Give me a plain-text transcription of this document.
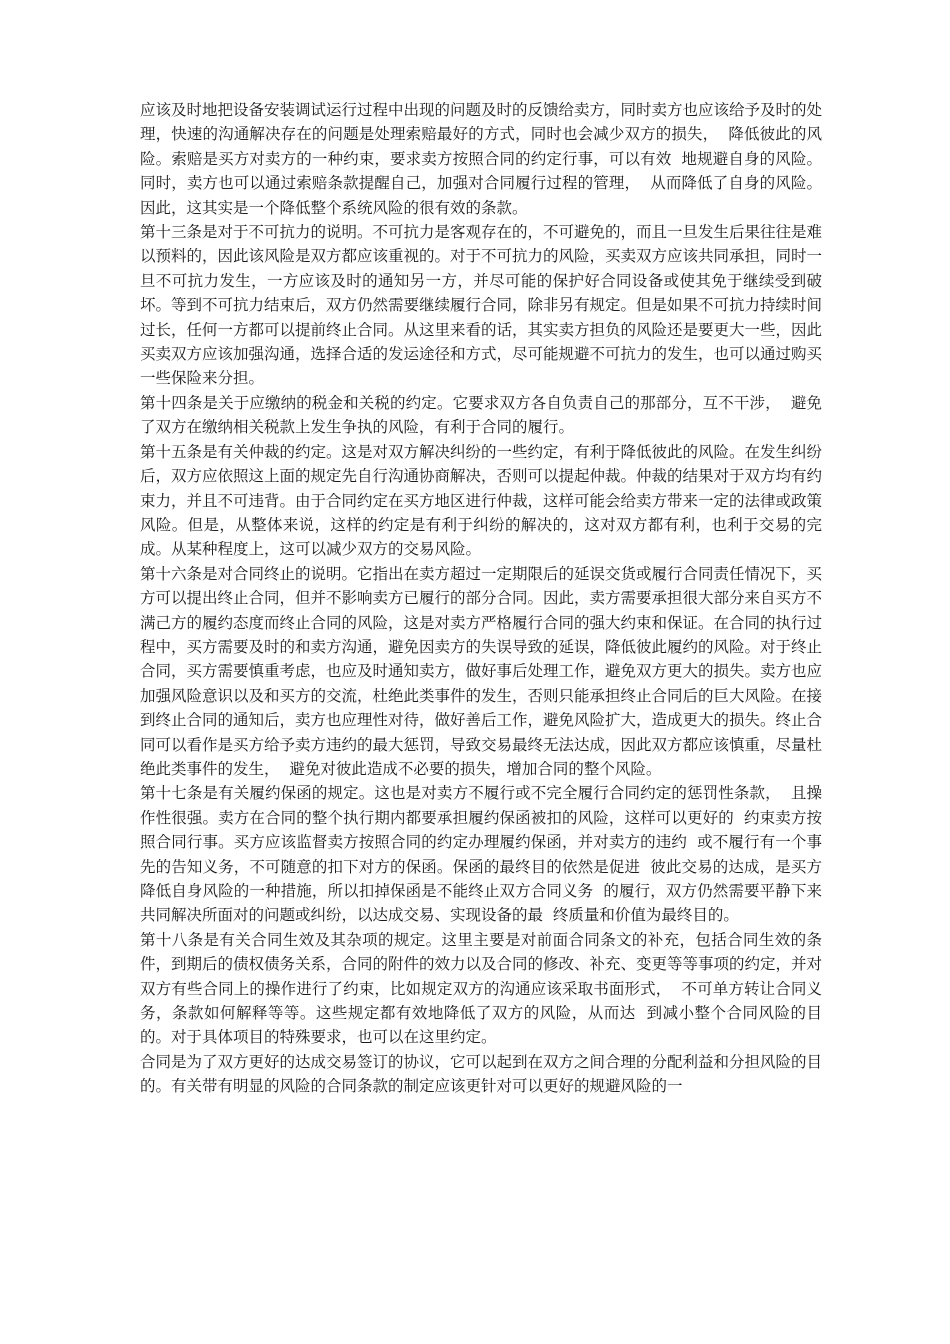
应该及时地把设备安装调试运行过程中出现的问题及时的反馈给卖方，同时卖方也应该给予及时的处理，快速的沟通解决存在的问题是处理索赔最好的方式，同时也会减少双方的损失，  降低彼此的风险。索赔是买方对卖方的一种约束，要求卖方按照合同的约定行事，可以有效  地规避自身的风险。同时，卖方也可以通过索赔条款提醒自己，加强对合同履行过程的管理，  从而降低了自身的风险。因此，这其实是一个降低整个系统风险的很有效的条款。

第十三条是对于不可抗力的说明。不可抗力是客观存在的，不可避免的，而且一旦发生后果往往是难以预料的，因此该风险是双方都应该重视的。对于不可抗力的风险，买卖双方应该共同承担，同时一旦不可抗力发生，一方应该及时的通知另一方，并尽可能的保护好合同设备或使其免于继续受到破坏。等到不可抗力结束后，双方仍然需要继续履行合同，除非另有规定。但是如果不可抗力持续时间过长，任何一方都可以提前终止合同。从这里来看的话，其实卖方担负的风险还是要更大一些，因此买卖双方应该加强沟通，选择合适的发运途径和方式，尽可能规避不可抗力的发生，也可以通过购买一些保险来分担。

第十四条是关于应缴纳的税金和关税的约定。它要求双方各自负责自己的那部分，互不干涉，  避免了双方在缴纳相关税款上发生争执的风险，有利于合同的履行。

第十五条是有关仲裁的约定。这是对双方解决纠纷的一些约定，有利于降低彼此的风险。在发生纠纷后，双方应依照这上面的规定先自行沟通协商解决，否则可以提起仲裁。仲裁的结果对于双方均有约束力，并且不可违背。由于合同约定在买方地区进行仲裁，这样可能会给卖方带来一定的法律或政策风险。但是，从整体来说，这样的约定是有利于纠纷的解决的，这对双方都有利，也利于交易的完成。从某种程度上，这可以减少双方的交易风险。

第十六条是对合同终止的说明。它指出在卖方超过一定期限后的延误交货或履行合同责任情况下，买方可以提出终止合同，但并不影响卖方已履行的部分合同。因此，卖方需要承担很大部分来自买方不满己方的履约态度而终止合同的风险，这是对卖方严格履行合同的强大约束和保证。在合同的执行过程中，买方需要及时的和卖方沟通，避免因卖方的失误导致的延误，降低彼此履约的风险。对于终止合同，买方需要慎重考虑，也应及时通知卖方，做好事后处理工作，避免双方更大的损失。卖方也应加强风险意识以及和买方的交流，杜绝此类事件的发生，否则只能承担终止合同后的巨大风险。在接到终止合同的通知后，卖方也应理性对待，做好善后工作，避免风险扩大，造成更大的损失。终止合同可以看作是买方给予卖方违约的最大惩罚，导致交易最终无法达成，因此双方都应该慎重，尽量杜绝此类事件的发生，  避免对彼此造成不必要的损失，增加合同的整个风险。

第十七条是有关履约保函的规定。这也是对卖方不履行或不完全履行合同约定的惩罚性条款，  且操作性很强。卖方在合同的整个执行期内都要承担履约保函被扣的风险，这样可以更好的  约束卖方按照合同行事。买方应该监督卖方按照合同的约定办理履约保函，并对卖方的违约  或不履行有一个事先的告知义务，不可随意的扣下对方的保函。保函的最终目的依然是促进  彼此交易的达成，是买方降低自身风险的一种措施，所以扣掉保函是不能终止双方合同义务  的履行，双方仍然需要平静下来共同解决所面对的问题或纠纷，以达成交易、实现设备的最  终质量和价值为最终目的。

第十八条是有关合同生效及其杂项的规定。这里主要是对前面合同条文的补充，包括合同生效的条件，到期后的债权债务关系，合同的附件的效力以及合同的修改、补充、变更等等事项的约定，并对双方有些合同上的操作进行了约束，比如规定双方的沟通应该采取书面形式，  不可单方转让合同义务，条款如何解释等等。这些规定都有效地降低了双方的风险，从而达  到减小整个合同风险的目的。对于具体项目的特殊要求，也可以在这里约定。

合同是为了双方更好的达成交易签订的协议，它可以起到在双方之间合理的分配利益和分担风险的目的。有关带有明显的风险的合同条款的制定应该更针对可以更好的规避风险的一
